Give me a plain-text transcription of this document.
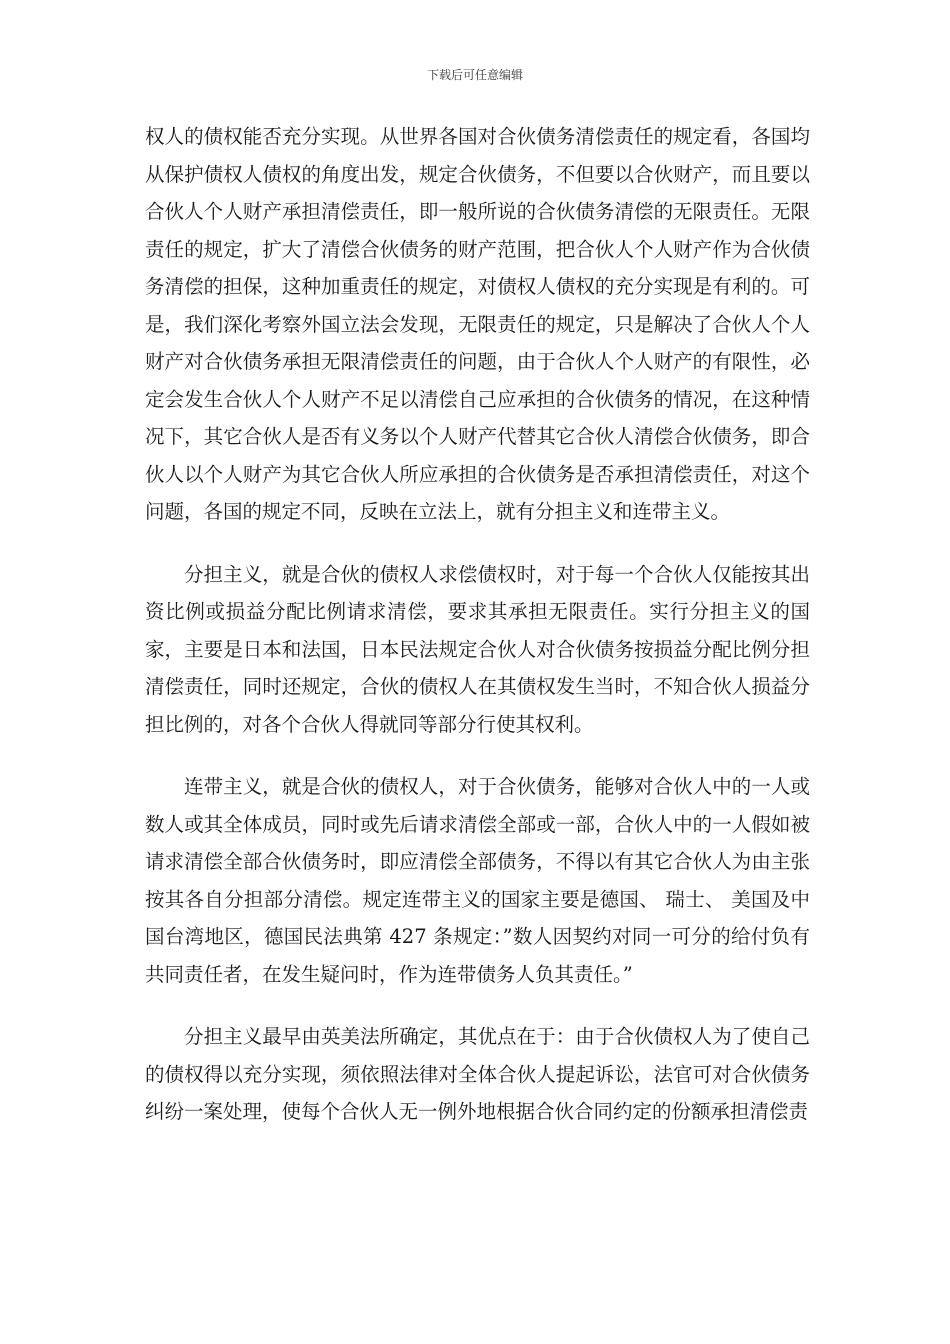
下载后可任意编辑

权人的债权能否充分实现。从世界各国对合伙债务清偿责任的规定看，各国均从保护债权人债权的角度出发，规定合伙债务，不但要以合伙财产，而且要以合伙人个人财产承担清偿责任，即一般所说的合伙债务清偿的无限责任。无限责任的规定，扩大了清偿合伙债务的财产范围，把合伙人个人财产作为合伙债务清偿的担保，这种加重责任的规定，对债权人债权的充分实现是有利的。可是，我们深化考察外国立法会发现，无限责任的规定，只是解决了合伙人个人财产对合伙债务承担无限清偿责任的问题，由于合伙人个人财产的有限性，必定会发生合伙人个人财产不足以清偿自己应承担的合伙债务的情况，在这种情况下，其它合伙人是否有义务以个人财产代替其它合伙人清偿合伙债务，即合伙人以个人财产为其它合伙人所应承担的合伙债务是否承担清偿责任，对这个问题，各国的规定不同，反映在立法上，就有分担主义和连带主义。

分担主义，就是合伙的债权人求偿债权时，对于每一个合伙人仅能按其出资比例或损益分配比例请求清偿，要求其承担无限责任。实行分担主义的国家，主要是日本和法国，日本民法规定合伙人对合伙债务按损益分配比例分担清偿责任，同时还规定，合伙的债权人在其债权发生当时，不知合伙人损益分担比例的，对各个合伙人得就同等部分行使其权利。

连带主义，就是合伙的债权人，对于合伙债务，能够对合伙人中的一人或数人或其全体成员，同时或先后请求清偿全部或一部，合伙人中的一人假如被请求清偿全部合伙债务时，即应清偿全部债务，不得以有其它合伙人为由主张按其各自分担部分清偿。规定连带主义的国家主要是德国、 瑞士、 美国及中国台湾地区，德国民法典第 427 条规定：”数人因契约对同一可分的给付负有共同责任者，在发生疑问时，作为连带债务人负其责任。”

分担主义最早由英美法所确定，其优点在于：由于合伙债权人为了使自己的债权得以充分实现，须依照法律对全体合伙人提起诉讼，法官可对合伙债务纠纷一案处理，使每个合伙人无一例外地根据合伙合同约定的份额承担清偿责
